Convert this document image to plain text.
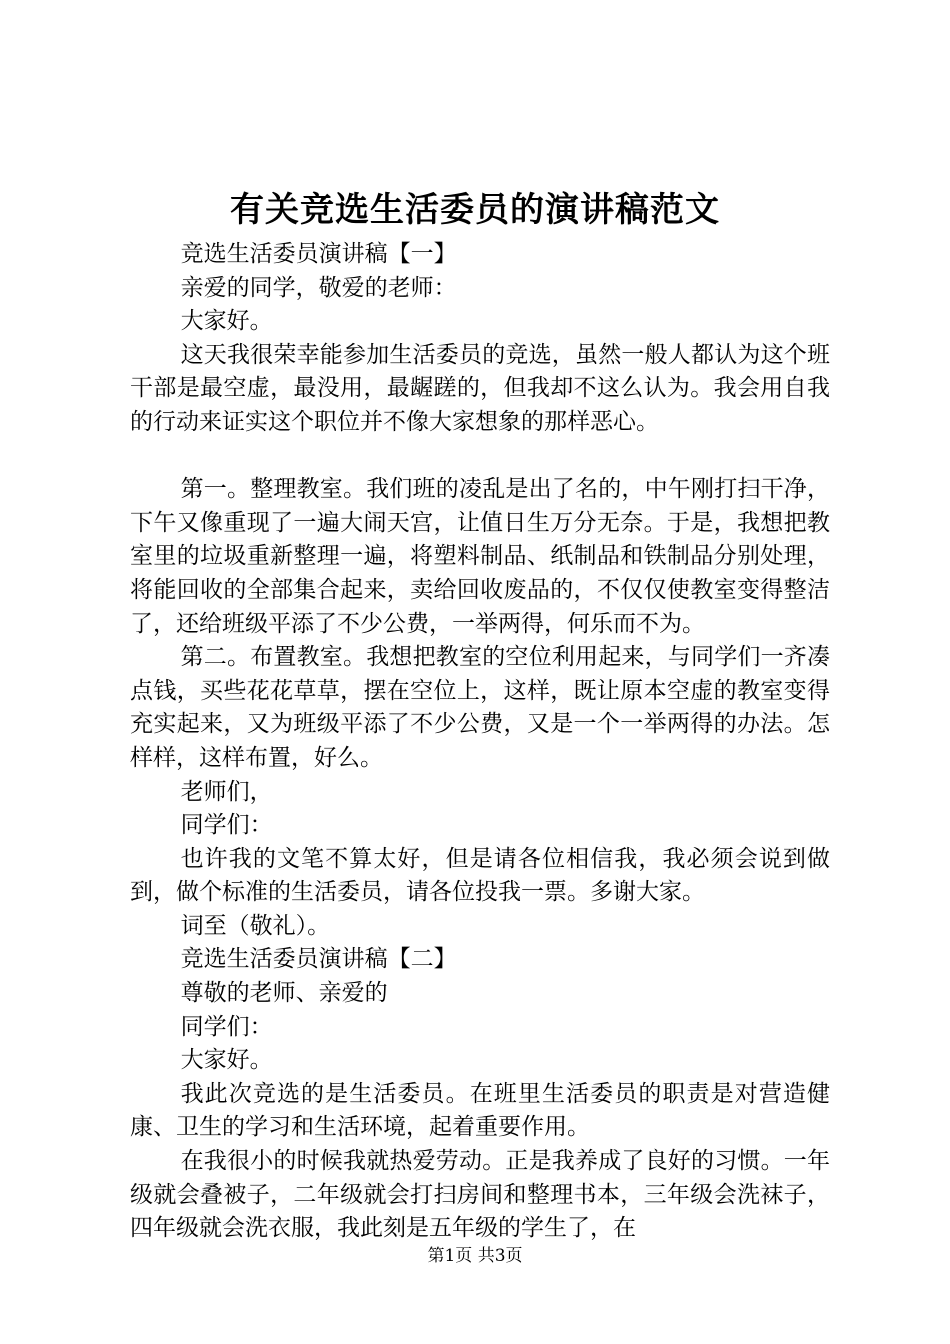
有关竞选生活委员的演讲稿范文

竞选生活委员演讲稿【一】

亲爱的同学，敬爱的老师：

大家好。

这天我很荣幸能参加生活委员的竞选，虽然一般人都认为这个班干部是最空虚，最没用，最龌蹉的，但我却不这么认为。我会用自我的行动来证实这个职位并不像大家想象的那样恶心。

第一。整理教室。我们班的凌乱是出了名的，中午刚打扫干净，下午又像重现了一遍大闹天宫，让值日生万分无奈。于是，我想把教室里的垃圾重新整理一遍，将塑料制品、纸制品和铁制品分别处理，将能回收的全部集合起来，卖给回收废品的，不仅仅使教室变得整洁了，还给班级平添了不少公费，一举两得，何乐而不为。

第二。布置教室。我想把教室的空位利用起来，与同学们一齐凑点钱，买些花花草草，摆在空位上，这样，既让原本空虚的教室变得充实起来，又为班级平添了不少公费，又是一个一举两得的办法。怎样样，这样布置，好么。

老师们，

同学们：

也许我的文笔不算太好，但是请各位相信我，我必须会说到做到，做个标准的生活委员，请各位投我一票。多谢大家。

词至（敬礼）。

竞选生活委员演讲稿【二】

尊敬的老师、亲爱的

同学们：

大家好。

我此次竞选的是生活委员。在班里生活委员的职责是对营造健康、卫生的学习和生活环境，起着重要作用。

在我很小的时候我就热爱劳动。正是我养成了良好的习惯。一年级就会叠被子，二年级就会打扫房间和整理书本，三年级会洗袜子，四年级就会洗衣服，我此刻是五年级的学生了，在

第1页 共3页
